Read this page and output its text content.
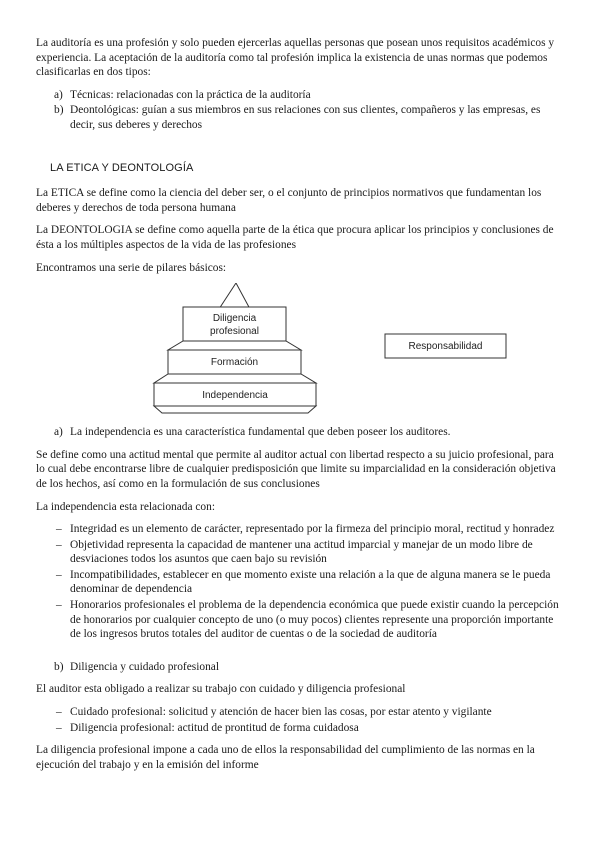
La auditoría es una profesión y solo pueden ejercerlas aquellas personas que posean unos requisitos académicos y experiencia. La aceptación de la auditoría como tal profesión implica la existencia de unas normas que podemos clasificarlas en dos tipos:

a) Técnicas: relacionadas con la práctica de la auditoría
b) Deontológicas: guían a sus miembros en sus relaciones con sus clientes, compañeros y las empresas, es decir, sus deberes y derechos
LA ETICA Y DEONTOLOGÍA

La ETICA se define como la ciencia del deber ser, o el conjunto de principios normativos que fundamentan los deberes y derechos de toda persona humana

La DEONTOLOGIA se define como aquella parte de la ética que procura aplicar los principios y conclusiones de ésta a los múltiples aspectos de la vida de las profesiones

Encontramos una serie de pilares básicos:

Diligencia profesional
Formación
Independencia
Responsabilidad
a) La independencia es una característica fundamental que deben poseer los auditores.

Se define como una actitud mental que permite al auditor actual con libertad respecto a su juicio profesional, para lo cual debe encontrarse libre de cualquier predisposición que limite su imparcialidad en la consideración objetiva de los hechos, así como en la formulación de sus conclusiones

La independencia esta relacionada con:

– Integridad es un elemento de carácter, representado por la firmeza del principio moral, rectitud y honradez
– Objetividad representa la capacidad de mantener una actitud imparcial y manejar de un modo libre de desviaciones todos los asuntos que caen bajo su revisión
– Incompatibilidades, establecer en que momento existe una relación a la que de alguna manera se le pueda denominar de dependencia
– Honorarios profesionales el problema de la dependencia económica que puede existir cuando la percepción de honorarios por cualquier concepto de uno (o muy pocos) clientes represente una proporción importante de los ingresos brutos totales del auditor de cuentas o de la sociedad de auditoría
b) Diligencia y cuidado profesional

El auditor esta obligado a realizar su trabajo con cuidado y diligencia profesional

– Cuidado profesional: solicitud y atención de hacer bien las cosas, por estar atento y vigilante
– Diligencia profesional: actitud de prontitud de forma cuidadosa

La diligencia profesional impone a cada uno de ellos la responsabilidad del cumplimiento de las normas en la ejecución del trabajo y en la emisión del informe
